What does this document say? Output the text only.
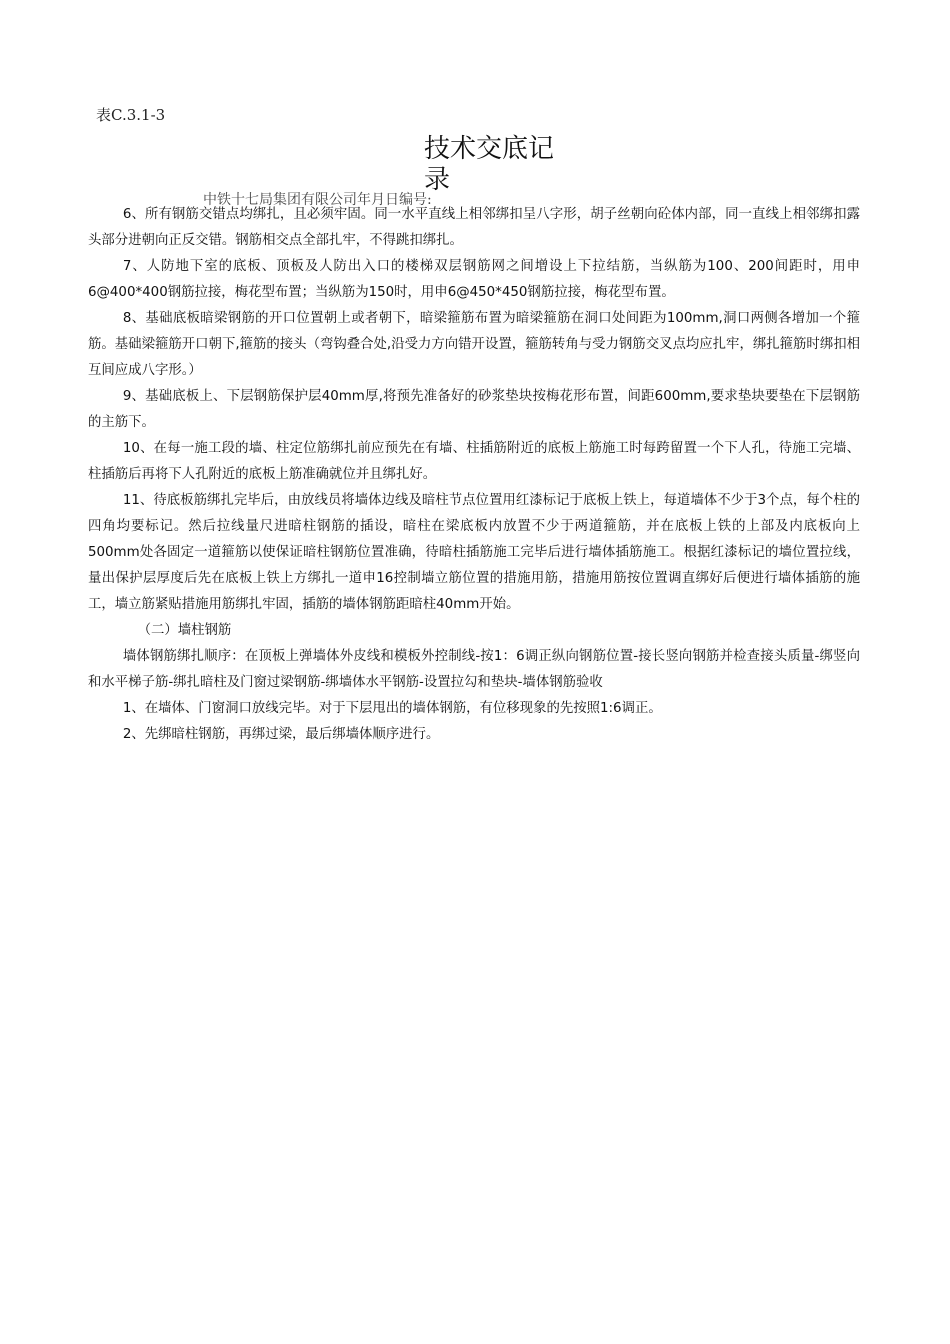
表C.3.1-3
技术交底记录
中铁十七局集团有限公司年月日编号:

6、所有钢筋交错点均绑扎，且必须牢固。同一水平直线上相邻绑扣呈八字形，胡子丝朝向砼体内部，同一直线上相邻绑扣露头部分进朝向正反交错。钢筋相交点全部扎牢，不得跳扣绑扎。

7、人防地下室的底板、顶板及人防出入口的楼梯双层钢筋网之间增设上下拉结筋，当纵筋为100、200间距时，用申6@400*400钢筋拉接，梅花型布置；当纵筋为150时，用申6@450*450钢筋拉接，梅花型布置。

8、基础底板暗梁钢筋的开口位置朝上或者朝下，暗梁箍筋布置为暗梁箍筋在洞口处间距为100mm,洞口两侧各增加一个箍筋。基础梁箍筋开口朝下,箍筋的接头（弯钩叠合处,沿受力方向错开设置，箍筋转角与受力钢筋交叉点均应扎牢，绑扎箍筋时绑扣相互间应成八字形。）

9、基础底板上、下层钢筋保护层40mm厚,将预先准备好的砂浆垫块按梅花形布置，间距600mm,要求垫块要垫在下层钢筋的主筋下。

10、在每一施工段的墙、柱定位筋绑扎前应预先在有墙、柱插筋附近的底板上筋施工时每跨留置一个下人孔，待施工完墙、柱插筋后再将下人孔附近的底板上筋准确就位并且绑扎好。

11、待底板筋绑扎完毕后，由放线员将墙体边线及暗柱节点位置用红漆标记于底板上铁上，每道墙体不少于3个点，每个柱的四角均要标记。然后拉线量尺进暗柱钢筋的插设，暗柱在梁底板内放置不少于两道箍筋，并在底板上铁的上部及内底板向上500mm处各固定一道箍筋以使保证暗柱钢筋位置准确，待暗柱插筋施工完毕后进行墙体插筋施工。根据红漆标记的墙位置拉线，量出保护层厚度后先在底板上铁上方绑扎一道申16控制墙立筋位置的措施用筋，措施用筋按位置调直绑好后便进行墙体插筋的施工，墙立筋紧贴措施用筋绑扎牢固，插筋的墙体钢筋距暗柱40mm开始。

（二）墙柱钢筋

墙体钢筋绑扎顺序：在顶板上弹墙体外皮线和模板外控制线-按1：6调正纵向钢筋位置-接长竖向钢筋并检查接头质量-绑竖向和水平梯子筋-绑扎暗柱及门窗过梁钢筋-绑墙体水平钢筋-设置拉勾和垫块-墙体钢筋验收

1、在墙体、门窗洞口放线完毕。对于下层甩出的墙体钢筋，有位移现象的先按照1:6调正。

2、先绑暗柱钢筋，再绑过梁，最后绑墙体顺序进行。
